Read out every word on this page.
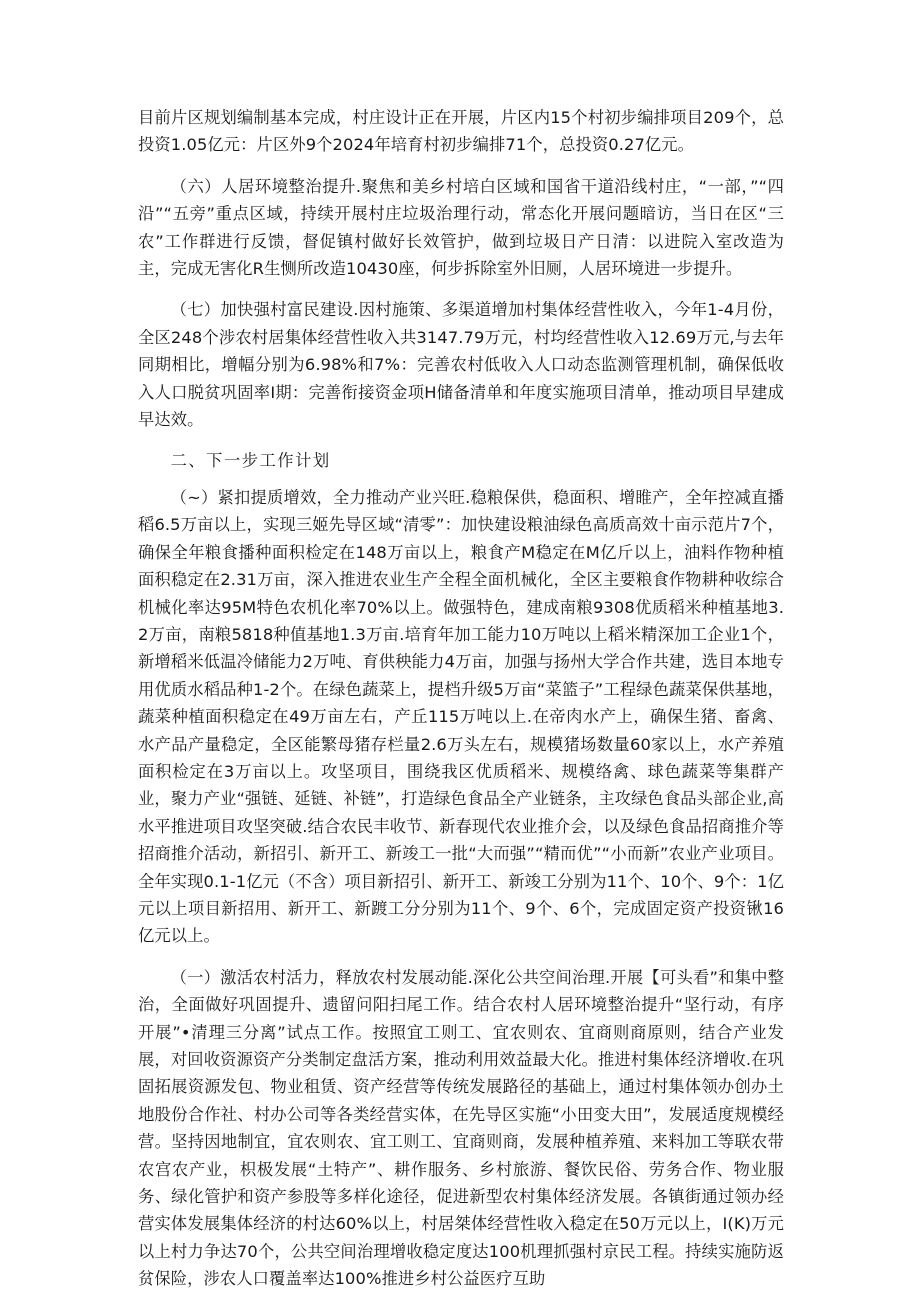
目前片区规划编制基本完成，村庄设计正在开展，片区内15个村初步编排项目209个，总投资1.05亿元：片区外9个2024年培育村初步编排71个，总投资0.27亿元。

（六）人居环境整治提升.聚焦和美乡村培白区域和国省干道沿线村庄，“一部，”“四沿”“五旁”重点区域，持续开展村庄垃圾治理行动，常态化开展问题暗访，当日在区“三农”工作群进行反馈，督促镇村做好长效管护，做到垃圾日产日清：以进院入室改造为主，完成无害化R生恻所改造10430座，何步拆除室外旧厕，人居环境进一步提升。

（七）加快强村富民建设.因村施策、多渠道增加村集体经营性收入，今年1-4月份，全区248个涉农村居集体经营性收入共3147.79万元，村均经营性收入12.69万元,与去年同期相比，增幅分别为6.98%和7%：完善农村低收入人口动态监测管理机制，确保低收入人口脱贫巩固率I期：完善衔接资金项H储备清单和年度实施项目清单，推动项目早建成早达效。

二、下一步工作计划

（~）紧扣提质增效，全力推动产业兴旺.稳粮保供，稳面积、增睢产，全年控减直播稻6.5万亩以上，实现三姬先导区域“清零”：加快建设粮油绿色高质高效十亩示范片7个，确保全年粮食播种面积检定在148万亩以上，粮食产M稳定在M亿斤以上，油料作物种植面积稳定在2.31万亩，深入推进农业生产全程全面机械化，全区主要粮食作物耕种收综合机械化率达95M特色农机化率70%以上。做强特色，建成南粮9308优质稻米种植基地3.2万亩，南粮5818种值基地1.3万亩.培育年加工能力10万吨以上稻米精深加工企业1个，新增稻米低温冷储能力2万吨、育供秧能力4万亩，加强与扬州大学合作共建，选目本地专用优质水稻品种1-2个。在绿色蔬菜上，提档升级5万亩“菜篮子”工程绿色蔬菜保供基地，蔬菜种植面积稳定在49万亩左右，产丘115万吨以上.在帝肉水产上，确保生猪、畜禽、水产品产量稳定，全区能繁母猪存栏量2.6万头左右，规模猪场数量60家以上，水产养殖面积检定在3万亩以上。攻坚项目，围绕我区优质稻米、规模络禽、球色蔬菜等集群产业，聚力产业“强链、延链、补链”，打造绿色食品全产业链条，主攻绿色食品头部企业,高水平推进项目攻坚突破.结合农民丰收节、新春现代农业推介会，以及绿色食品招商推介等招商推介活动，新招引、新开工、新竣工一批“大而强”“精而优”“小而新”农业产业项目。全年实现0.1-1亿元（不含）项目新招引、新开工、新竣工分别为11个、10个、9个：1亿元以上项目新招用、新开工、新踱工分分别为11个、9个、6个，完成固定资产投资锹16亿元以上。

（一）激活农村活力，释放农村发展动能.深化公共空间治理.开展【可头看”和集中整治，全面做好巩固提升、遗留问阳扫尾工作。结合农村人居环境整治提升“坚行动，有序开展”•清理三分离”试点工作。按照宜工则工、宜农则农、宜商则商原则，结合产业发展，对回收资源资产分类制定盘活方案，推动利用效益最大化。推进村集体经济增收.在巩固拓展资源发包、物业租赁、资产经营等传统发展路径的基础上，通过村集体领办创办土地股份合作社、村办公司等各类经营实体，在先导区实施“小田变大田”，发展适度规模经营。坚持因地制宜，宜农则农、宜工则工、宜商则商，发展种植养殖、来料加工等联农带农宫农产业，枳极发展“土特产”、耕作服务、乡村旅游、餐饮民俗、劳务合作、物业服务、绿化管护和资产参股等多样化途径，促进新型农村集体经济发展。各镇街通过领办经营实体发展集体经济的村达60%以上，村居桀体经营性收入稳定在50万元以上，I(K)万元以上村力争达70个，公共空间治理增收稳定度达100机理抓强村京民工程。持续实施防返贫保险，涉农人口覆盖率达100%推进乡村公益医疗互助
